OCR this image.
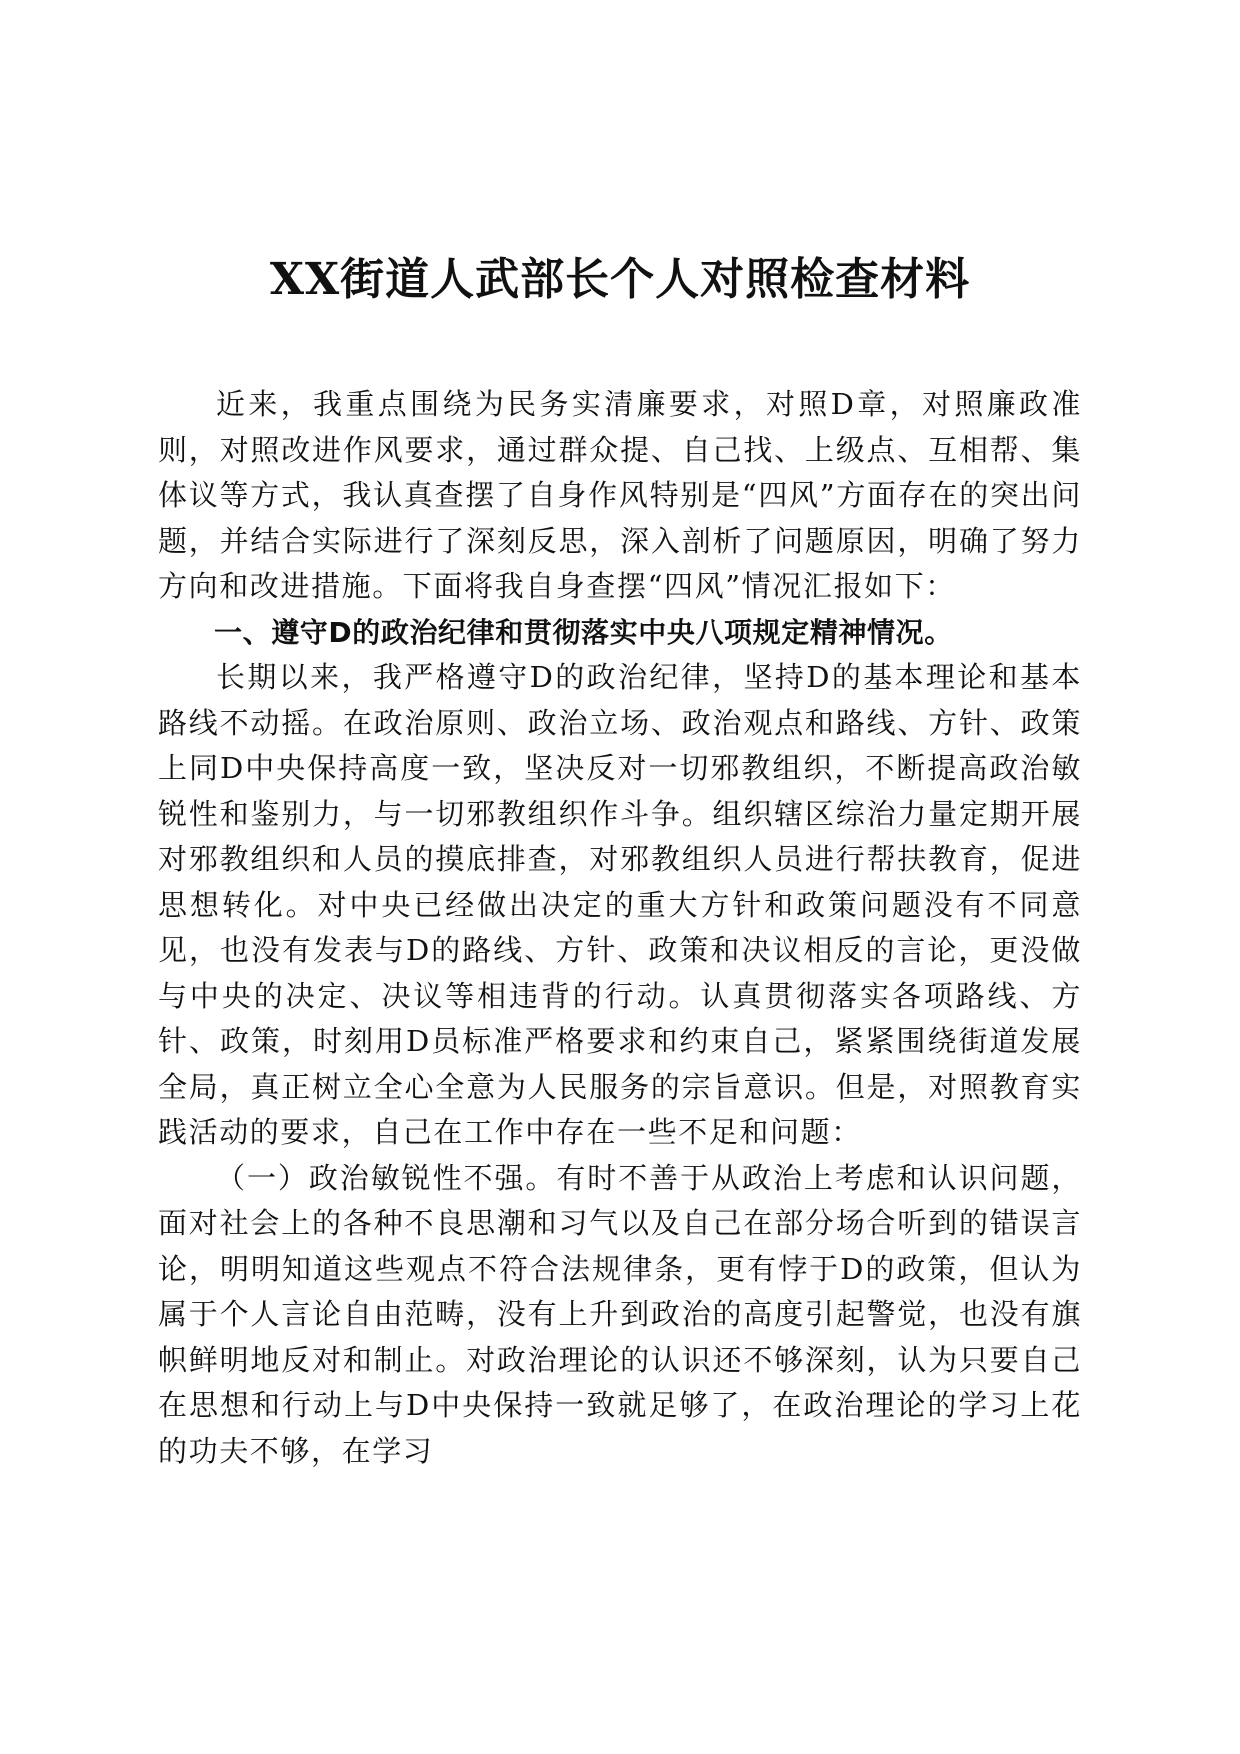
XX街道人武部长个人对照检查材料

近来，我重点围绕为民务实清廉要求，对照D章，对照廉政准则，对照改进作风要求，通过群众提、自己找、上级点、互相帮、集体议等方式，我认真查摆了自身作风特别是“四风”方面存在的突出问题，并结合实际进行了深刻反思，深入剖析了问题原因，明确了努力方向和改进措施。下面将我自身查摆“四风”情况汇报如下：

一、遵守D的政治纪律和贯彻落实中央八项规定精神情况。

长期以来，我严格遵守D的政治纪律，坚持D的基本理论和基本路线不动摇。在政治原则、政治立场、政治观点和路线、方针、政策上同D中央保持高度一致，坚决反对一切邪教组织，不断提高政治敏锐性和鉴别力，与一切邪教组织作斗争。组织辖区综治力量定期开展对邪教组织和人员的摸底排查，对邪教组织人员进行帮扶教育，促进思想转化。对中央已经做出决定的重大方针和政策问题没有不同意见，也没有发表与D的路线、方针、政策和决议相反的言论，更没做与中央的决定、决议等相违背的行动。认真贯彻落实各项路线、方针、政策，时刻用D员标准严格要求和约束自己，紧紧围绕街道发展全局，真正树立全心全意为人民服务的宗旨意识。但是，对照教育实践活动的要求，自己在工作中存在一些不足和问题：

（一）政治敏锐性不强。有时不善于从政治上考虑和认识问题，面对社会上的各种不良思潮和习气以及自己在部分场合听到的错误言论，明明知道这些观点不符合法规律条，更有悖于D的政策，但认为属于个人言论自由范畴，没有上升到政治的高度引起警觉，也没有旗帜鲜明地反对和制止。对政治理论的认识还不够深刻，认为只要自己在思想和行动上与D中央保持一致就足够了，在政治理论的学习上花的功夫不够，在学习
